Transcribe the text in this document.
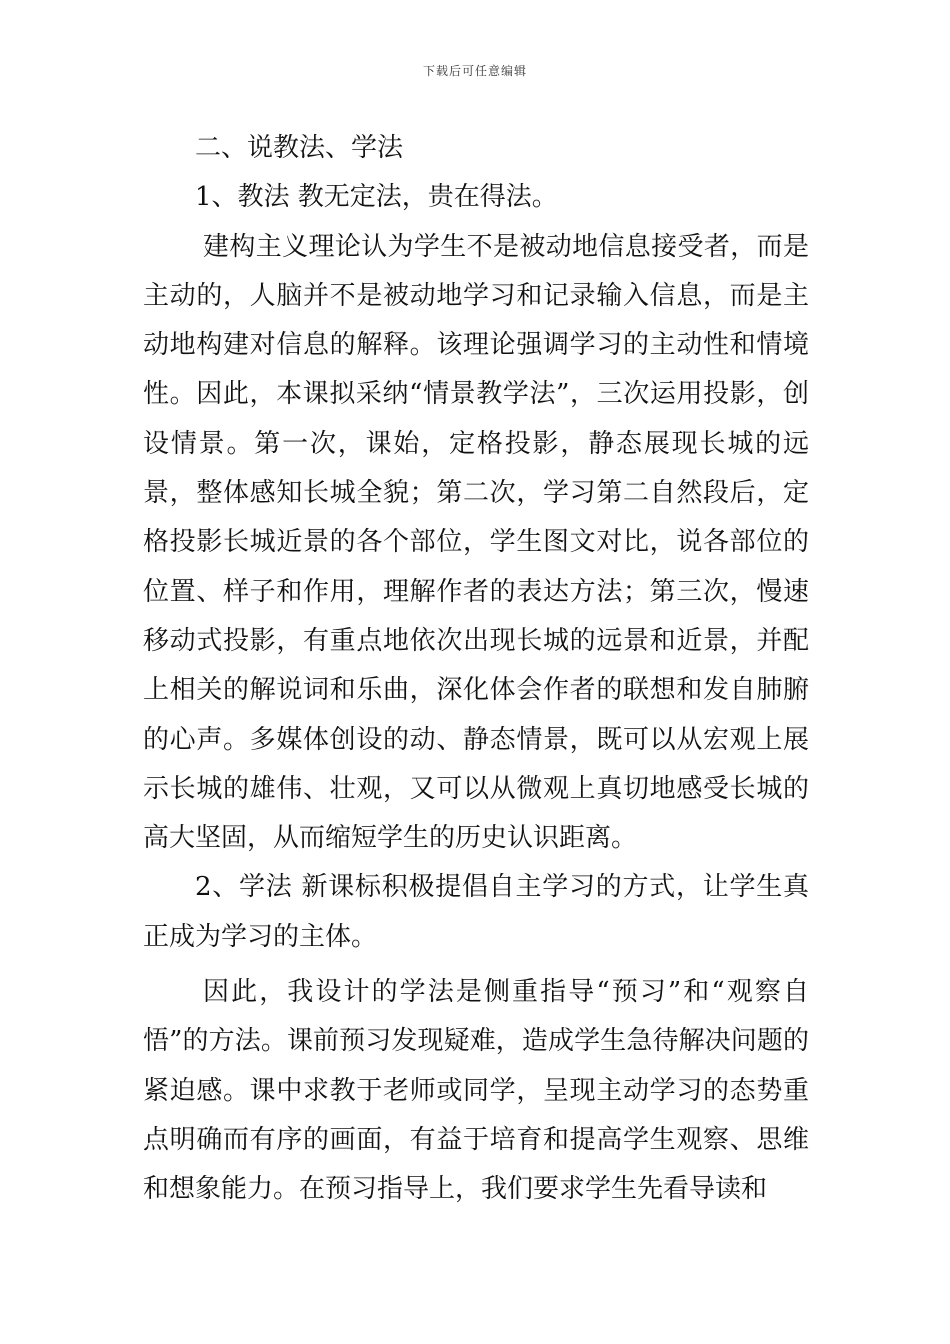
下载后可任意编辑

二、说教法、学法

1、教法 教无定法，贵在得法。

建构主义理论认为学生不是被动地信息接受者，而是主动的，人脑并不是被动地学习和记录输入信息，而是主动地构建对信息的解释。该理论强调学习的主动性和情境性。因此，本课拟采纳“情景教学法”，三次运用投影，创设情景。第一次，课始，定格投影，静态展现长城的远景，整体感知长城全貌；第二次，学习第二自然段后，定格投影长城近景的各个部位，学生图文对比，说各部位的位置、样子和作用，理解作者的表达方法；第三次，慢速移动式投影，有重点地依次出现长城的远景和近景，并配上相关的解说词和乐曲，深化体会作者的联想和发自肺腑的心声。多媒体创设的动、静态情景，既可以从宏观上展示长城的雄伟、壮观，又可以从微观上真切地感受长城的高大坚固，从而缩短学生的历史认识距离。

2、学法 新课标积极提倡自主学习的方式，让学生真正成为学习的主体。

因此，我设计的学法是侧重指导“预习”和“观察自悟”的方法。课前预习发现疑难，造成学生急待解决问题的紧迫感。课中求教于老师或同学，呈现主动学习的态势重点明确而有序的画面，有益于培育和提高学生观察、思维和想象能力。在预习指导上，我们要求学生先看导读和
